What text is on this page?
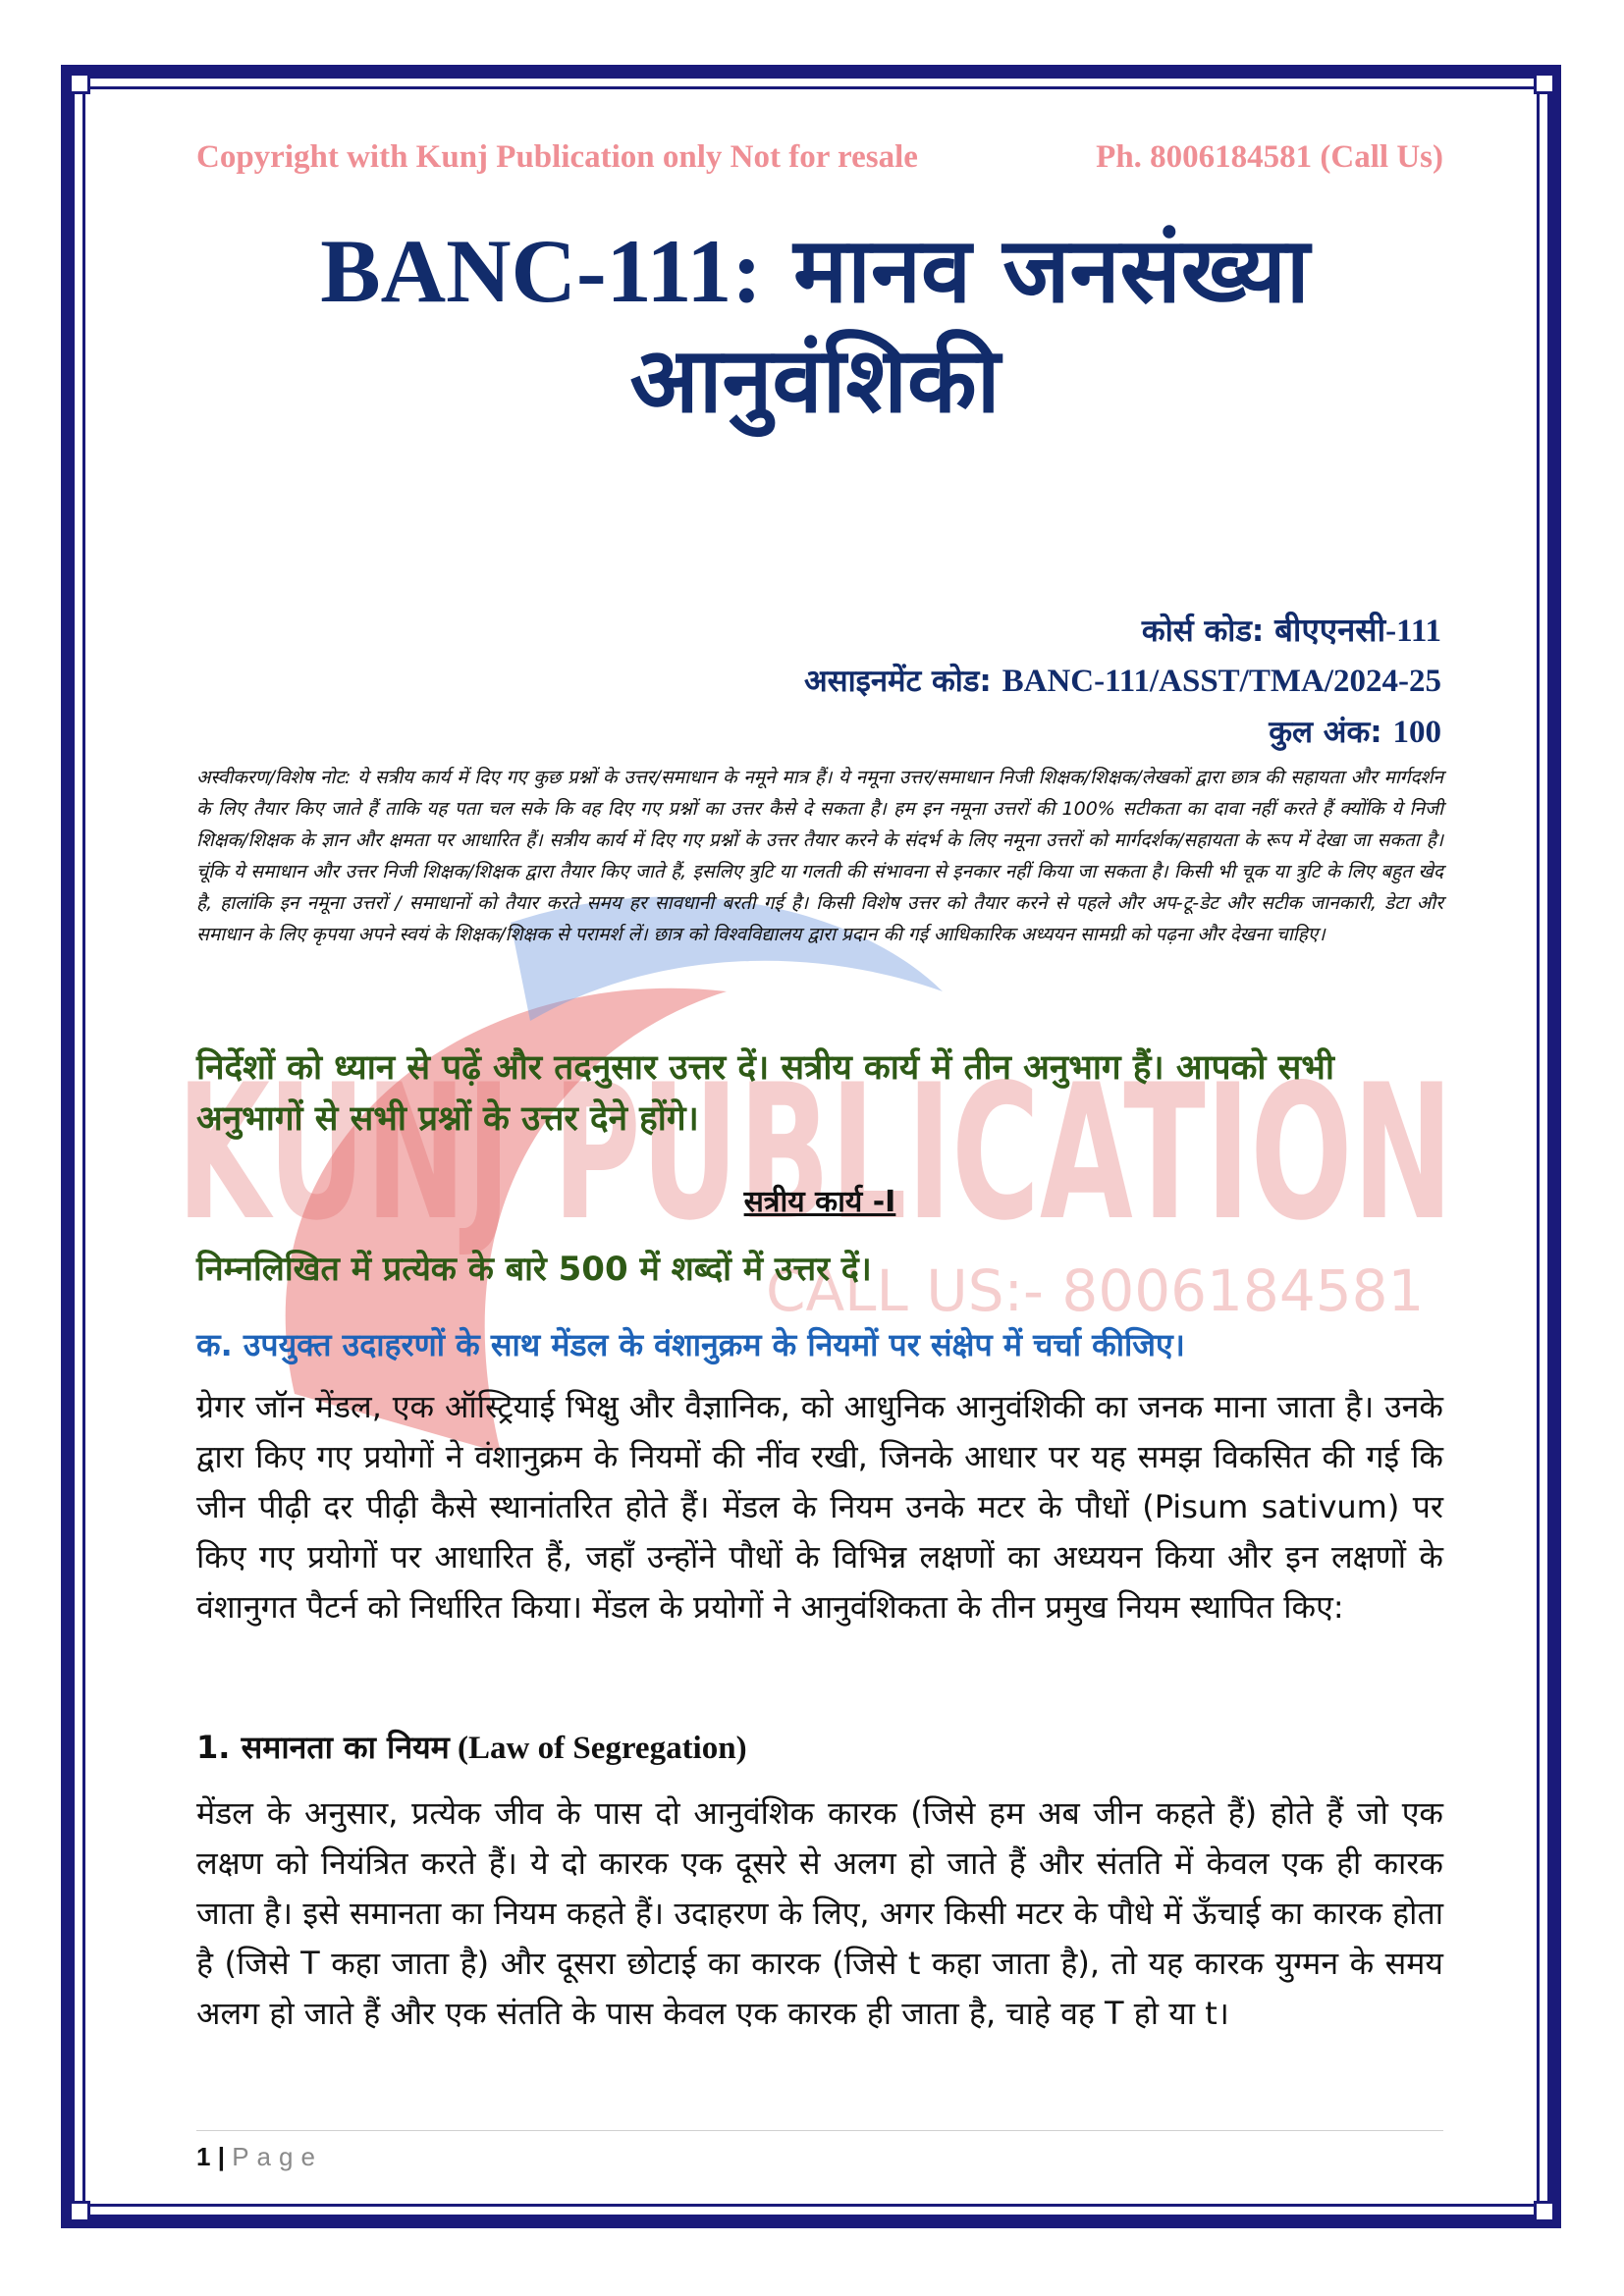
KUNJ PUBLICATION
CALL US:- 8006184581
Copyright with Kunj Publication only Not for resale	Ph. 8006184581 (Call Us)
BANC-111: मानव जनसंख्या
आनुवंशिकी
कोर्स कोड: बीएएनसी-111
असाइनमेंट कोड: BANC-111/ASST/TMA/2024-25
कुल अंक: 100
अस्वीकरण/विशेष नोट: ये सत्रीय कार्य में दिए गए कुछ प्रश्नों के उत्तर/समाधान के नमूने मात्र हैं। ये नमूना उत्तर/समाधान निजी शिक्षक/शिक्षक/लेखकों द्वारा छात्र की सहायता और मार्गदर्शन के लिए तैयार किए जाते हैं ताकि यह पता चल सके कि वह दिए गए प्रश्नों का उत्तर कैसे दे सकता है। हम इन नमूना उत्तरों की 100% सटीकता का दावा नहीं करते हैं क्योंकि ये निजी शिक्षक/शिक्षक के ज्ञान और क्षमता पर आधारित हैं। सत्रीय कार्य में दिए गए प्रश्नों के उत्तर तैयार करने के संदर्भ के लिए नमूना उत्तरों को मार्गदर्शक/सहायता के रूप में देखा जा सकता है। चूंकि ये समाधान और उत्तर निजी शिक्षक/शिक्षक द्वारा तैयार किए जाते हैं, इसलिए त्रुटि या गलती की संभावना से इनकार नहीं किया जा सकता है। किसी भी चूक या त्रुटि के लिए बहुत खेद है, हालांकि इन नमूना उत्तरों / समाधानों को तैयार करते समय हर सावधानी बरती गई है। किसी विशेष उत्तर को तैयार करने से पहले और अप-टू-डेट और सटीक जानकारी, डेटा और समाधान के लिए कृपया अपने स्वयं के शिक्षक/शिक्षक से परामर्श लें। छात्र को विश्वविद्यालय द्वारा प्रदान की गई आधिकारिक अध्ययन सामग्री को पढ़ना और देखना चाहिए।
निर्देशों को ध्यान से पढ़ें और तदनुसार उत्तर दें। सत्रीय कार्य में तीन अनुभाग हैं। आपको सभी अनुभागों से सभी प्रश्नों के उत्तर देने होंगे।
सत्रीय कार्य -I
निम्नलिखित में प्रत्येक के बारे 500 में शब्दों में उत्तर दें।
क. उपयुक्त उदाहरणों के साथ मेंडल के वंशानुक्रम के नियमों पर संक्षेप में चर्चा कीजिए।
ग्रेगर जॉन मेंडल, एक ऑस्ट्रियाई भिक्षु और वैज्ञानिक, को आधुनिक आनुवंशिकी का जनक माना जाता है। उनके द्वारा किए गए प्रयोगों ने वंशानुक्रम के नियमों की नींव रखी, जिनके आधार पर यह समझ विकसित की गई कि जीन पीढ़ी दर पीढ़ी कैसे स्थानांतरित होते हैं। मेंडल के नियम उनके मटर के पौधों (Pisum sativum) पर किए गए प्रयोगों पर आधारित हैं, जहाँ उन्होंने पौधों के विभिन्न लक्षणों का अध्ययन किया और इन लक्षणों के वंशानुगत पैटर्न को निर्धारित किया। मेंडल के प्रयोगों ने आनुवंशिकता के तीन प्रमुख नियम स्थापित किए:
1. समानता का नियम (Law of Segregation)
मेंडल के अनुसार, प्रत्येक जीव के पास दो आनुवंशिक कारक (जिसे हम अब जीन कहते हैं) होते हैं जो एक लक्षण को नियंत्रित करते हैं। ये दो कारक एक दूसरे से अलग हो जाते हैं और संतति में केवल एक ही कारक जाता है। इसे समानता का नियम कहते हैं। उदाहरण के लिए, अगर किसी मटर के पौधे में ऊँचाई का कारक होता है (जिसे T कहा जाता है) और दूसरा छोटाई का कारक (जिसे t कहा जाता है), तो यह कारक युग्मन के समय अलग हो जाते हैं और एक संतति के पास केवल एक कारक ही जाता है, चाहे वह T हो या t।
1 | Page
